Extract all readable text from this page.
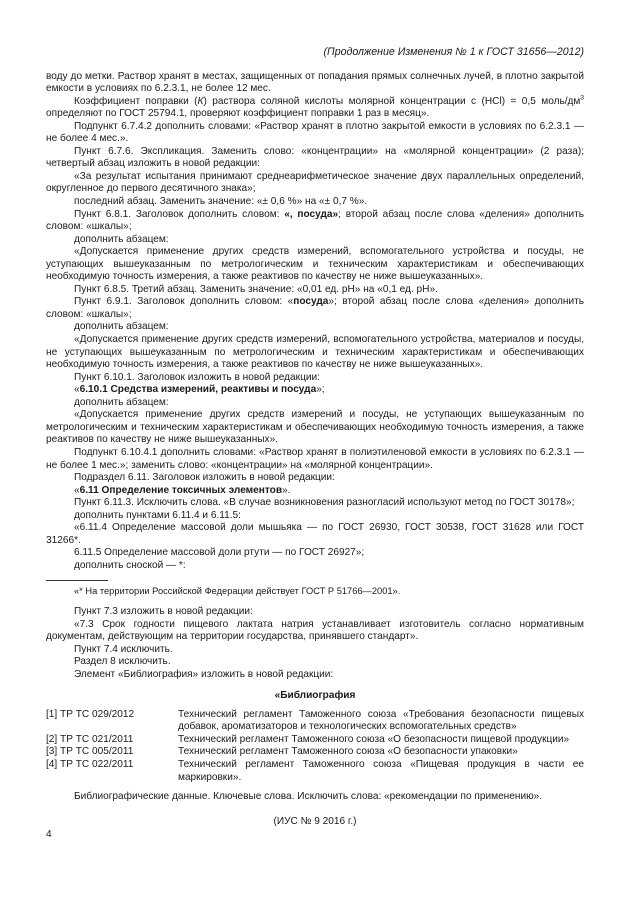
(Продолжение Изменения № 1 к ГОСТ 31656—2012)

воду до метки. Раствор хранят в местах, защищенных от попадания прямых солнечных лучей, в плотно закрытой емкости в условиях по 6.2.3.1, не более 12 мес.

Коэффициент поправки (К) раствора соляной кислоты молярной концентрации с (HCl) = 0,5 моль/$дм^3$ определяют по ГОСТ 25794.1, проверяют коэффициент поправки 1 раз в месяц».

Подпункт 6.7.4.2 дополнить словами: «Раствор хранят в плотно закрытой емкости в условиях по 6.2.3.1 — не более 4 мес.».

Пункт 6.7.6. Экспликация. Заменить слово: «концентрации» на «молярной концентрации» (2 раза); четвертый абзац изложить в новой редакции:

«За результат испытания принимают среднеарифметическое значение двух параллельных определений, округленное до первого десятичного знака»;

последний абзац. Заменить значение: «± 0,6 %» на «± 0,7 %».

Пункт 6.8.1. Заголовок дополнить словом: «, посуда»; второй абзац после слова «деления» дополнить словом: «шкалы»;

дополнить абзацем:

«Допускается применение других средств измерений, вспомогательного устройства и посуды, не уступающих вышеуказанным по метрологическим и техническим характеристикам и обеспечивающих необходимую точность измерения, а также реактивов по качеству не ниже вышеуказанных».

Пункт 6.8.5. Третий абзац. Заменить значение: «0,01 ед. pH» на «0,1 ед. pH».

Пункт 6.9.1. Заголовок дополнить словом: «посуда»; второй абзац после слова «деления» дополнить словом: «шкалы»;

дополнить абзацем:

«Допускается применение других средств измерений, вспомогательного устройства, материалов и посуды, не уступающих вышеуказанным по метрологическим и техническим характеристикам и обеспечивающих необходимую точность измерения, а также реактивов по качеству не ниже вышеуказанных».

Пункт 6.10.1. Заголовок изложить в новой редакции:

«6.10.1 Средства измерений, реактивы и посуда»;

дополнить абзацем:

«Допускается применение других средств измерений и посуды, не уступающих вышеуказанным по метрологическим и техническим характеристикам и обеспечивающих необходимую точность измерения, а также реактивов по качеству не ниже вышеуказанных».

Подпункт 6.10.4.1 дополнить словами: «Раствор хранят в полиэтиленовой емкости в условиях по 6.2.3.1 — не более 1 мес.»; заменить слово: «концентрации» на «молярной концентрации».

Подраздел 6.11. Заголовок изложить в новой редакции:

«6.11 Определение токсичных элементов».

Пункт 6.11.3. Исключить слова. «В случае возникновения разногласий используют метод по ГОСТ 30178»;

дополнить пунктами 6.11.4 и 6.11.5:

«6.11.4 Определение массовой доли мышьяка — по ГОСТ 26930, ГОСТ 30538, ГОСТ 31628 или ГОСТ 31266*.

6.11.5 Определение массовой доли ртути — по ГОСТ 26927»;

дополнить сноской — *:

«* На территории Российской Федерации действует ГОСТ Р 51766—2001».

Пункт 7.3 изложить в новой редакции:

«7.3 Срок годности пищевого лактата натрия устанавливает изготовитель согласно нормативным документам, действующим на территории государства, принявшего стандарт».

Пункт 7.4 исключить.

Раздел 8 исключить.

Элемент «Библиография» изложить в новой редакции:

«Библиография
[1] ТР ТС 029/2012	Технический регламент Таможенного союза «Требования безопасности пищевых добавок, ароматизаторов и технологических вспомогательных средств»
[2] ТР ТС 021/2011	Технический регламент Таможенного союза «О безопасности пищевой продукции»
[3] ТР ТС 005/2011	Технический регламент Таможенного союза «О безопасности упаковки»
[4] ТР ТС 022/2011	Технический регламент Таможенного союза «Пищевая продукция в части ее маркировки».

Библиографические данные. Ключевые слова. Исключить слова: «рекомендации по применению».

(ИУС № 9 2016 г.)

4
